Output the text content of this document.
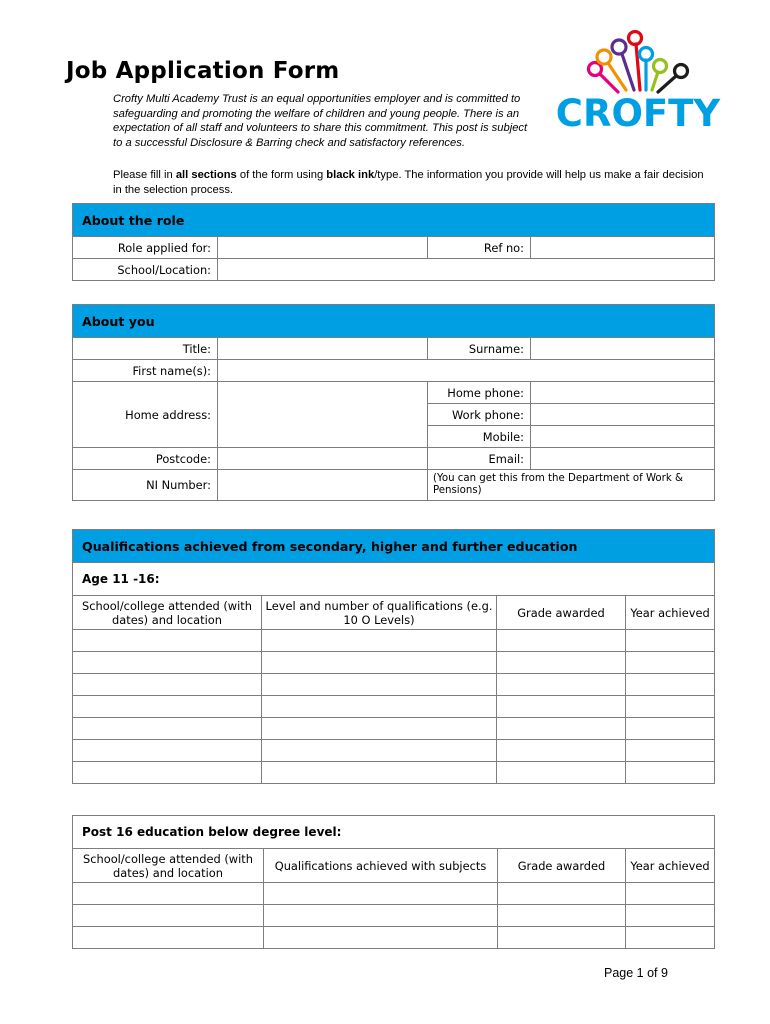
Job Application Form
Crofty Multi Academy Trust is an equal opportunities employer and is committed to safeguarding and promoting the welfare of children and young people. There is an expectation of all staff and volunteers to share this commitment. This post is subject to a successful Disclosure & Barring check and satisfactory references.
Please fill in all sections of the form using black ink/type. The information you provide will help us make a fair decision in the selection process.
CROFTY
About the role			
Role applied for:		Ref no:	
School/Location:			
About you			
Title:		Surname:	
First name(s):			
Home address:		Home phone:	
		Work phone:	
		Mobile:	
Postcode:		Email:	
NI Number:		(You can get this from the Department of Work & Pensions)	
Qualifications achieved from secondary, higher and further education			
Age 11 -16:			
School/college attended (with dates) and location	Level and number of qualifications (e.g. 10 O Levels)	Grade awarded	Year achieved

Post 16 education below degree level:			
School/college attended (with dates) and location	Qualifications achieved with subjects	Grade awarded	Year achieved

Page 1 of 9
